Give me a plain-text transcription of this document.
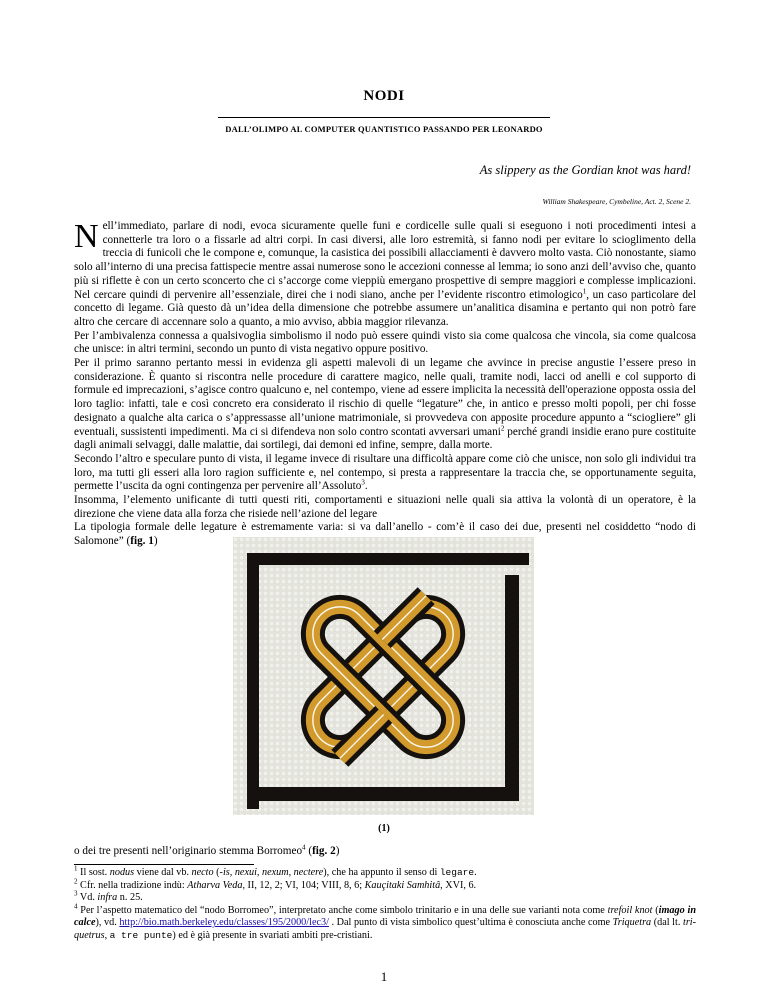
NODI
DALL’OLIMPO AL COMPUTER QUANTISTICO PASSANDO PER LEONARDO
As slippery as the Gordian knot was hard!
William Shakespeare, Cymbeline, Act. 2, Scene 2.

Nell’immediato, parlare di nodi, evoca sicuramente quelle funi e cordicelle sulle quali si eseguono i noti procedimenti intesi a connetterle tra loro o a fissarle ad altri corpi. In casi diversi, alle loro estremità, si fanno nodi per evitare lo scioglimento della treccia di funicoli che le compone e, comunque, la casistica dei possibili allacciamenti è davvero molto vasta. Ciò nonostante, siamo solo all’interno di una precisa fattispecie mentre assai numerose sono le accezioni connesse al lemma; io sono anzi dell’avviso che, quanto più si riflette è con un certo sconcerto che ci s’accorge come vieppiù emergano prospettive di sempre maggiori e complesse implicazioni. Nel cercare quindi di pervenire all’essenziale, direi che i nodi siano, anche per l’evidente riscontro etimologico$^1$, un caso particolare del concetto di legame. Già questo dà un’idea della dimensione che potrebbe assumere un’analitica disamina e pertanto qui non potrò fare altro che cercare di accennare solo a quanto, a mio avviso, abbia maggior rilevanza.

Per l’ambivalenza connessa a qualsivoglia simbolismo il nodo può essere quindi visto sia come qualcosa che vincola, sia come qualcosa che unisce: in altri termini, secondo un punto di vista negativo oppure positivo.

Per il primo saranno pertanto messi in evidenza gli aspetti malevoli di un legame che avvince in precise angustie l’essere preso in considerazione. È quanto si riscontra nelle procedure di carattere magico, nelle quali, tramite nodi, lacci od anelli e col supporto di formule ed imprecazioni, s’agisce contro qualcuno e, nel contempo, viene ad essere implicita la necessità dell'operazione opposta ossia del loro taglio: infatti, tale e così concreto era considerato il rischio di quelle “legature” che, in antico e presso molti popoli, per chi fosse designato a qualche alta carica o s’appressasse all’unione matrimoniale, si provvedeva con apposite procedure appunto a “scioglierе” gli eventuali, sussistenti impedimenti. Ma ci si difendeva non solo contro scontati avversari umani$^2$ perché grandi insidie erano pure costituite dagli animali selvaggi, dalle malattie, dai sortilegi, dai demoni ed infine, sempre, dalla morte.

Secondo l’altro e speculare punto di vista, il legame invece di risultare una difficoltà appare come ciò che unisce, non solo gli individui tra loro, ma tutti gli esseri alla loro ragion sufficiente e, nel contempo, si presta a rappresentare la traccia che, se opportunamente seguita, permette l’uscita da ogni contingenza per pervenire all’Assoluto$^3$.

Insomma, l’elemento unificante di tutti questi riti, comportamenti e situazioni nelle quali sia attiva la volontà di un operatore, è la direzione che viene data alla forza che risiede nell’azione del legare

La tipologia formale delle legature è estremamente varia: si va dall’anello - com’è il caso dei due, presenti nel cosiddetto “nodo di Salomone” (fig. 1)

(1)
o dei tre presenti nell’originario stemma Borromeo$^4$ (fig. 2)

$^1$ Il sost. nodus viene dal vb. necto (-is, nexui, nexum, nectere), che ha appunto il senso di legare.

$^2$ Cfr. nella tradizione indù: Atharva Veda, II, 12, 2; VI, 104; VIII, 8, 6; Kauçitaki Samhitâ, XVI, 6.

$^3$ Vd. infra n. 25.

$^4$ Per l’aspetto matematico del “nodo Borromeo”, interpretato anche come simbolo trinitario e in una delle sue varianti nota come trefoil knot (imago in calce), vd. http://bio.math.berkeley.edu/classes/195/2000/lec3/ . Dal punto di vista simbolico quest’ultima è conosciuta anche come Triquetra (dal lt. tri-quetrus, a tre punte) ed è già presente in svariati ambiti pre-cristiani.

1
